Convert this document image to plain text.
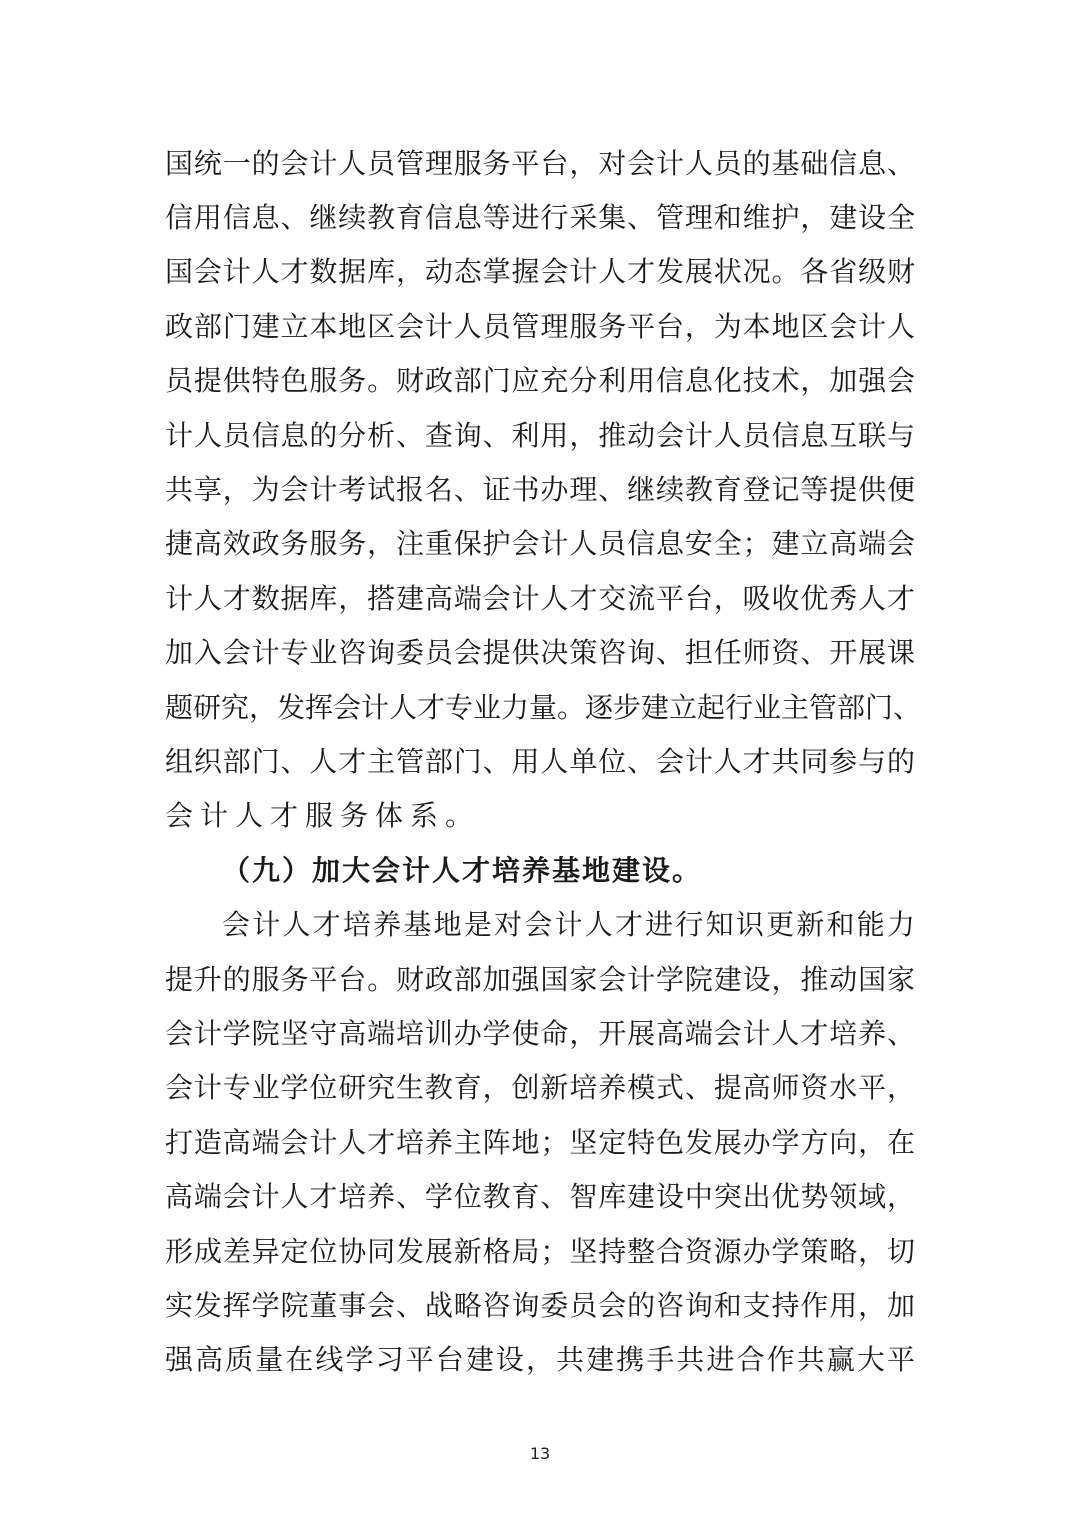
国统一的会计人员管理服务平台，对会计人员的基础信息、
信用信息、继续教育信息等进行采集、管理和维护，建设全
国会计人才数据库，动态掌握会计人才发展状况。各省级财
政部门建立本地区会计人员管理服务平台，为本地区会计人
员提供特色服务。财政部门应充分利用信息化技术，加强会
计人员信息的分析、查询、利用，推动会计人员信息互联与
共享，为会计考试报名、证书办理、继续教育登记等提供便
捷高效政务服务，注重保护会计人员信息安全；建立高端会
计人才数据库，搭建高端会计人才交流平台，吸收优秀人才
加入会计专业咨询委员会提供决策咨询、担任师资、开展课
题研究，发挥会计人才专业力量。逐步建立起行业主管部门、
组织部门、人才主管部门、用人单位、会计人才共同参与的
会计人才服务体系。
（九）加大会计人才培养基地建设。
会计人才培养基地是对会计人才进行知识更新和能力
提升的服务平台。财政部加强国家会计学院建设，推动国家
会计学院坚守高端培训办学使命，开展高端会计人才培养、
会计专业学位研究生教育，创新培养模式、提高师资水平，
打造高端会计人才培养主阵地；坚定特色发展办学方向，在
高端会计人才培养、学位教育、智库建设中突出优势领域，
形成差异定位协同发展新格局；坚持整合资源办学策略，切
实发挥学院董事会、战略咨询委员会的咨询和支持作用，加
强高质量在线学习平台建设，共建携手共进合作共赢大平
13
